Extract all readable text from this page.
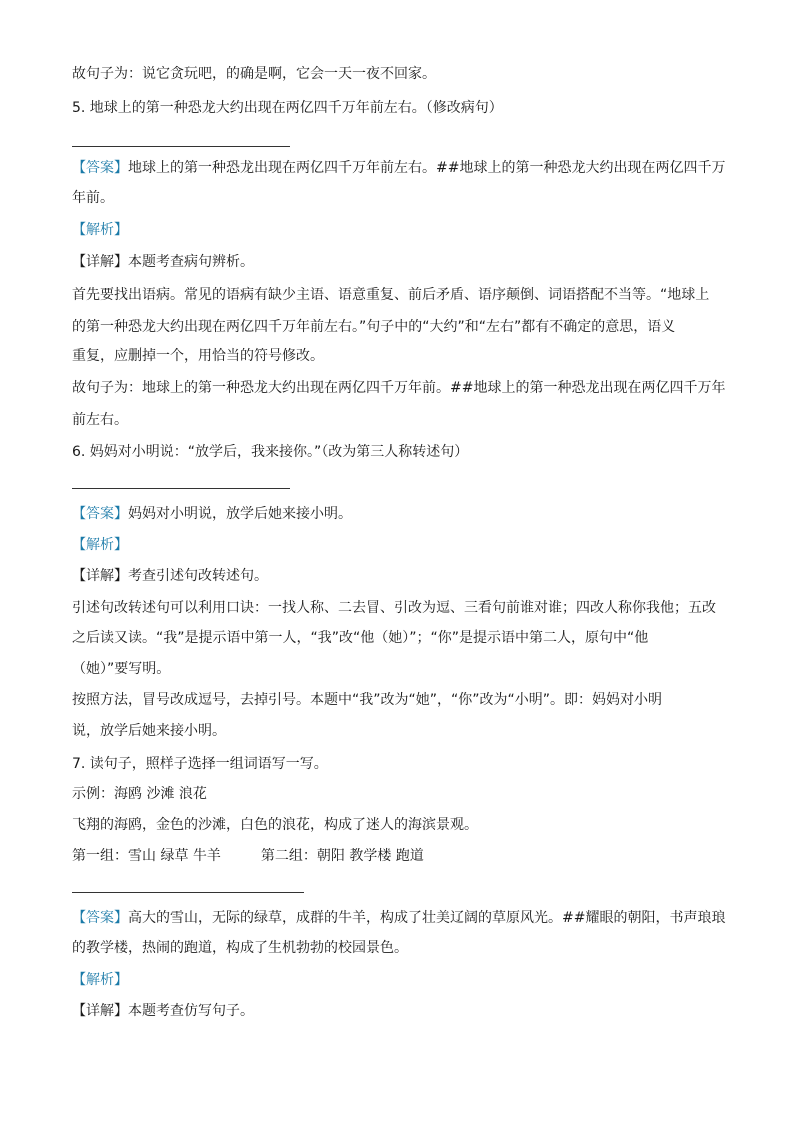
故句子为：说它贪玩吧，的确是啊，它会一天一夜不回家。

5. 地球上的第一种恐龙大约出现在两亿四千万年前左右。（修改病句）

【答案】地球上的第一种恐龙出现在两亿四千万年前左右。##地球上的第一种恐龙大约出现在两亿四千万

年前。

【解析】

【详解】本题考查病句辨析。

首先要找出语病。常见的语病有缺少主语、语意重复、前后矛盾、语序颠倒、词语搭配不当等。“地球上

的第一种恐龙大约出现在两亿四千万年前左右。”句子中的“大约”和“左右”都有不确定的意思，语义

重复，应删掉一个，用恰当的符号修改。

故句子为：地球上的第一种恐龙大约出现在两亿四千万年前。##地球上的第一种恐龙出现在两亿四千万年

前左右。

6. 妈妈对小明说：“放学后，我来接你。”（改为第三人称转述句）

【答案】妈妈对小明说，放学后她来接小明。

【解析】

【详解】考查引述句改转述句。

引述句改转述句可以利用口诀：一找人称、二去冒、引改为逗、三看句前谁对谁；四改人称你我他；五改

之后读又读。“我”是提示语中第一人，“我”改“他（她）”；“你”是提示语中第二人，原句中“他

（她）”要写明。

按照方法，冒号改成逗号，去掉引号。本题中“我”改为“她”，“你”改为“小明”。即：妈妈对小明

说，放学后她来接小明。

7. 读句子，照样子选择一组词语写一写。

示例：海鸥 沙滩 浪花

飞翔的海鸥，金色的沙滩，白色的浪花，构成了迷人的海滨景观。

第一组：雪山 绿草 牛羊	第二组：朝阳 教学楼 跑道

【答案】高大的雪山，无际的绿草，成群的牛羊，构成了壮美辽阔的草原风光。##耀眼的朝阳，书声琅琅

的教学楼，热闹的跑道，构成了生机勃勃的校园景色。

【解析】

【详解】本题考查仿写句子。
